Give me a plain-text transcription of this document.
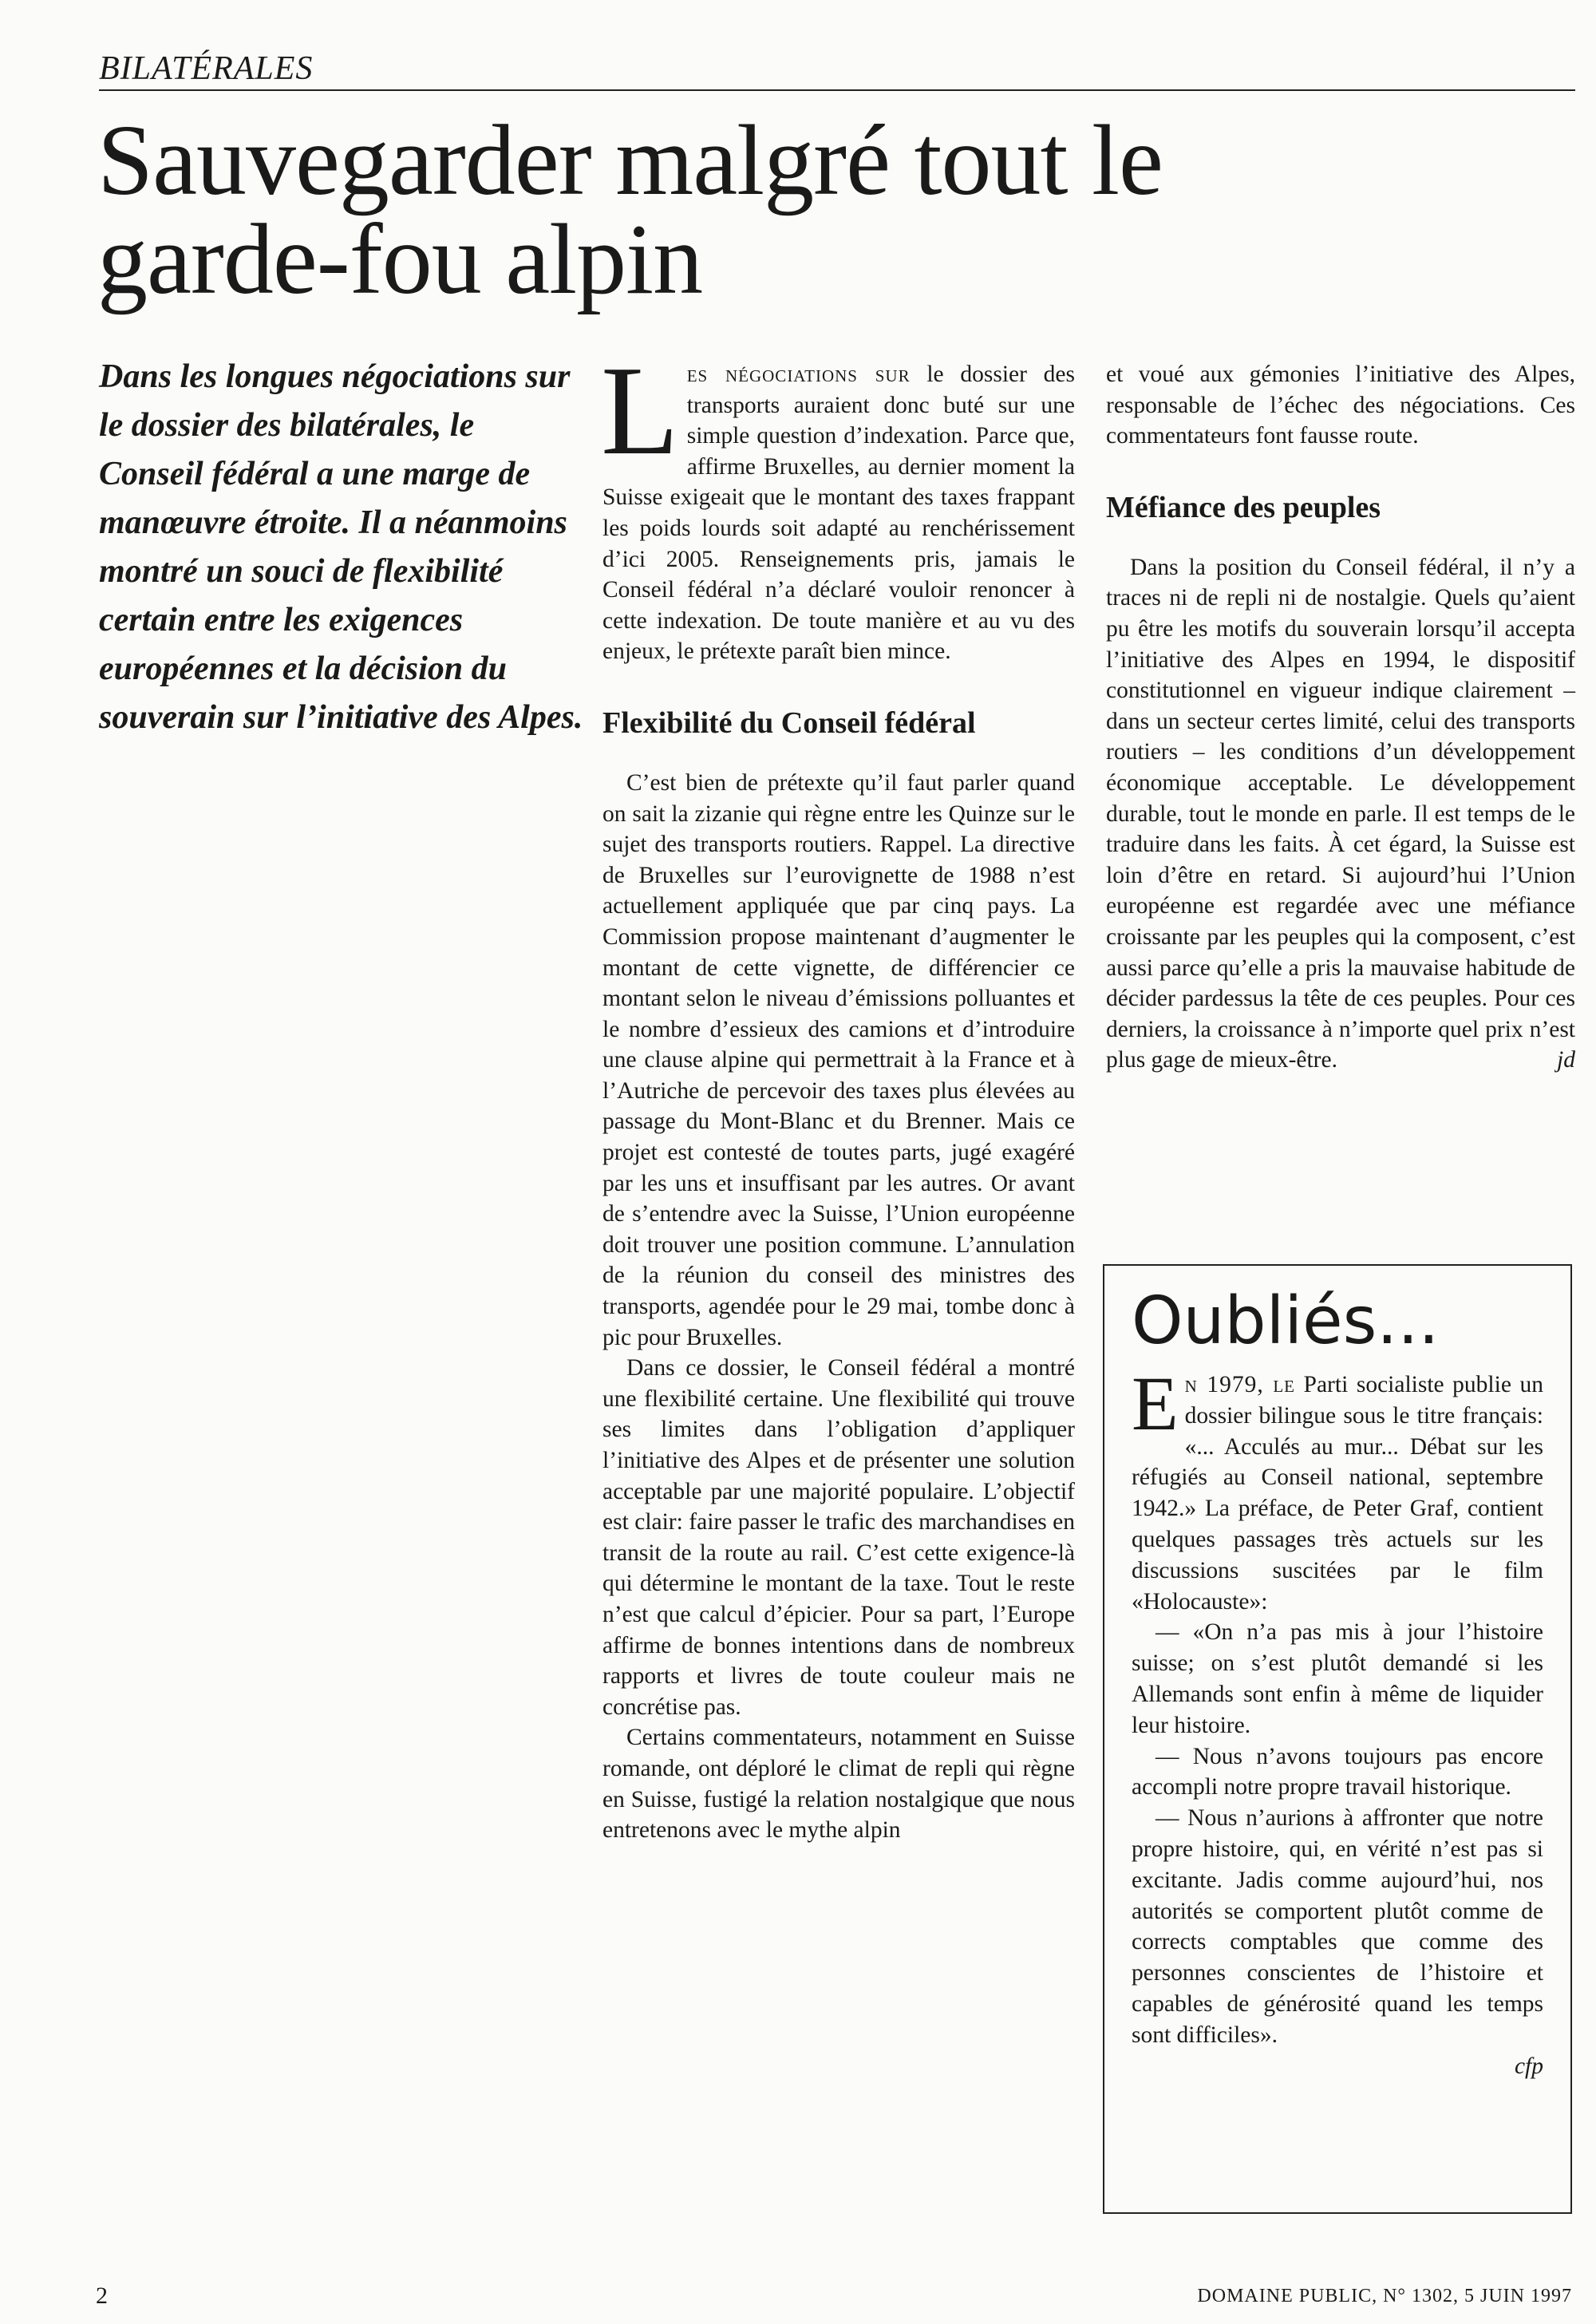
BILATÉRALES
Sauvegarder malgré tout le garde-fou alpin

Dans les longues négociations sur le dossier des bilatérales, le Conseil fédéral a une marge de manœuvre étroite. Il a néanmoins montré un souci de flexibilité certain entre les exigences européennes et la décision du souverain sur l’initiative des Alpes.

Les négociations sur le dossier des transports auraient donc buté sur une simple question d’indexation. Parce que, affirme Bruxelles, au dernier moment la Suisse exigeait que le montant des taxes frappant les poids lourds soit adapté au renchérissement d’ici 2005. Renseignements pris, jamais le Conseil fédéral n’a déclaré vouloir renoncer à cette indexation. De toute manière et au vu des enjeux, le prétexte paraît bien mince.

Flexibilité du Conseil fédéral

C’est bien de prétexte qu’il faut parler quand on sait la zizanie qui règne entre les Quinze sur le sujet des transports routiers. Rappel. La directive de Bruxelles sur l’eurovignette de 1988 n’est actuellement appliquée que par cinq pays. La Commission propose maintenant d’augmenter le montant de cette vignette, de différencier ce montant selon le niveau d’émissions polluantes et le nombre d’essieux des camions et d’introduire une clause alpine qui permettrait à la France et à l’Autriche de percevoir des taxes plus élevées au passage du Mont-Blanc et du Brenner. Mais ce projet est contesté de toutes parts, jugé exagéré par les uns et insuffisant par les autres. Or avant de s’entendre avec la Suisse, l’Union européenne doit trouver une position commune. L’annulation de la réunion du conseil des ministres des transports, agendée pour le 29 mai, tombe donc à pic pour Bruxelles.

Dans ce dossier, le Conseil fédéral a montré une flexibilité certaine. Une flexibilité qui trouve ses limites dans l’obligation d’appliquer l’initiative des Alpes et de présenter une solution acceptable par une majorité populaire. L’objectif est clair: faire passer le trafic des marchandises en transit de la route au rail. C’est cette exigence-là qui détermine le montant de la taxe. Tout le reste n’est que calcul d’épicier. Pour sa part, l’Europe affirme de bonnes intentions dans de nombreux rapports et livres de toute couleur mais ne concrétise pas.

Certains commentateurs, notamment en Suisse romande, ont déploré le climat de repli qui règne en Suisse, fustigé la relation nostalgique que nous entretenons avec le mythe alpin

et voué aux gémonies l’initiative des Alpes, responsable de l’échec des négociations. Ces commentateurs font fausse route.

Méfiance des peuples

Dans la position du Conseil fédéral, il n’y a traces ni de repli ni de nostalgie. Quels qu’aient pu être les motifs du souverain lorsqu’il accepta l’initiative des Alpes en 1994, le dispositif constitutionnel en vigueur indique clairement – dans un secteur certes limité, celui des transports routiers – les conditions d’un développement économique acceptable. Le développement durable, tout le monde en parle. Il est temps de le traduire dans les faits. À cet égard, la Suisse est loin d’être en retard. Si aujourd’hui l’Union européenne est regardée avec une méfiance croissante par les peuples qui la composent, c’est aussi parce qu’elle a pris la mauvaise habitude de décider pardessus la tête de ces peuples. Pour ces derniers, la croissance à n’importe quel prix n’est plus gage de mieux-être.	jd

Oubliés...

En 1979, le Parti socialiste publie un dossier bilingue sous le titre français: «... Acculés au mur... Débat sur les réfugiés au Conseil national, septembre 1942.» La préface, de Peter Graf, contient quelques passages très actuels sur les discussions suscitées par le film «Holocauste»:

— «On n’a pas mis à jour l’histoire suisse; on s’est plutôt demandé si les Allemands sont enfin à même de liquider leur histoire.

— Nous n’avons toujours pas encore accompli notre propre travail historique.

— Nous n’aurions à affronter que notre propre histoire, qui, en vérité n’est pas si excitante. Jadis comme aujourd’hui, nos autorités se comportent plutôt comme de corrects comptables que comme des personnes conscientes de l’histoire et capables de générosité quand les temps sont difficiles».

cfp

2	DOMAINE PUBLIC, N° 1302, 5 JUIN 1997
